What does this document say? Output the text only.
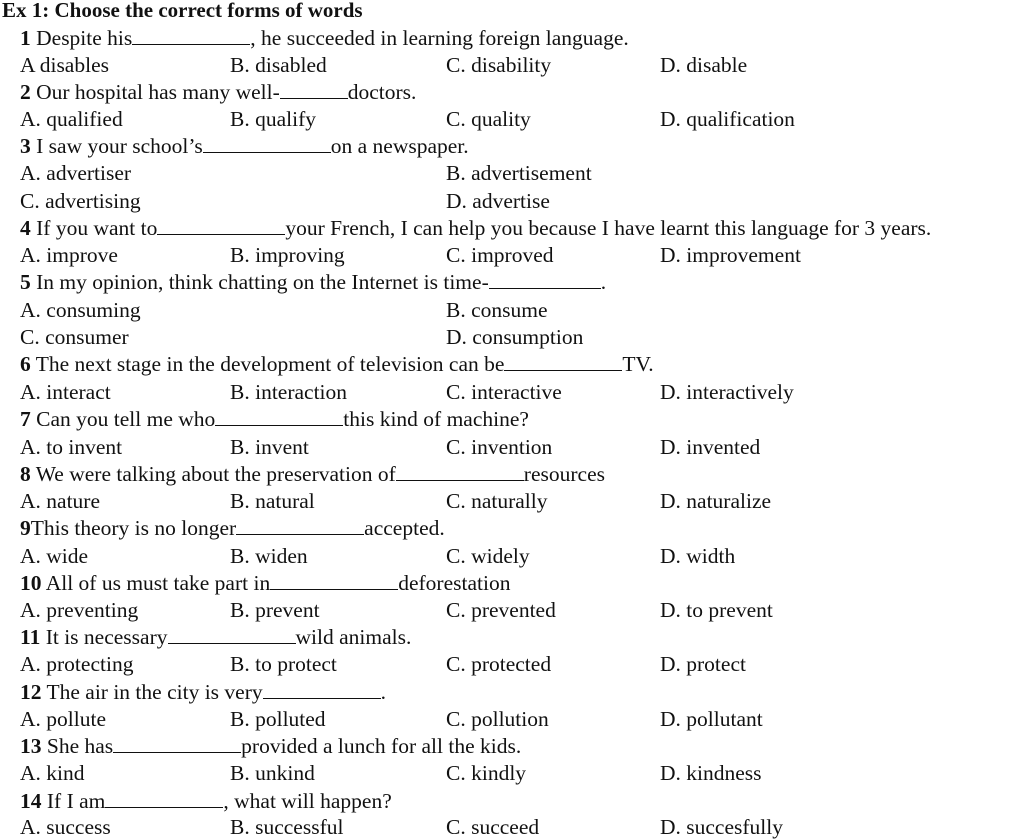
Ex 1: Choose the correct forms of words
1 Despite his	, he succeeded in learning foreign language.
A disables	B. disabled	C. disability	D. disable
2 Our hospital has many well-	doctors.
A. qualified	B. qualify	C. quality	D. qualification
3 I saw your school’s	on a newspaper.
A. advertiser	B. advertisement
C. advertising	D. advertise
4 If you want to	your French, I can help you because I have learnt this language for 3 years.
A. improve	B. improving	C. improved	D. improvement
5 In my opinion, think chatting on the Internet is time-	.
A. consuming	B. consume
C. consumer	D. consumption
6 The next stage in the development of television can be	TV.
A. interact	B. interaction	C. interactive	D. interactively
7 Can you tell me who	this kind of machine?
A. to invent	B. invent	C. invention	D. invented
8 We were talking about the preservation of	resources
A. nature	B. natural	C. naturally	D. naturalize
9This theory is no longer	accepted.
A. wide	B. widen	C. widely	D. width
10 All of us must take part in	deforestation
A. preventing	B. prevent	C. prevented	D. to prevent
11 It is necessary	wild animals.
A. protecting	B. to protect	C. protected	D. protect
12 The air in the city is very	.
A. pollute	B. polluted	C. pollution	D. pollutant
13 She has	provided a lunch for all the kids.
A. kind	B. unkind	C. kindly	D. kindness
14 If I am	, what will happen?
A. success	B. successful	C. succeed	D. succesfully
